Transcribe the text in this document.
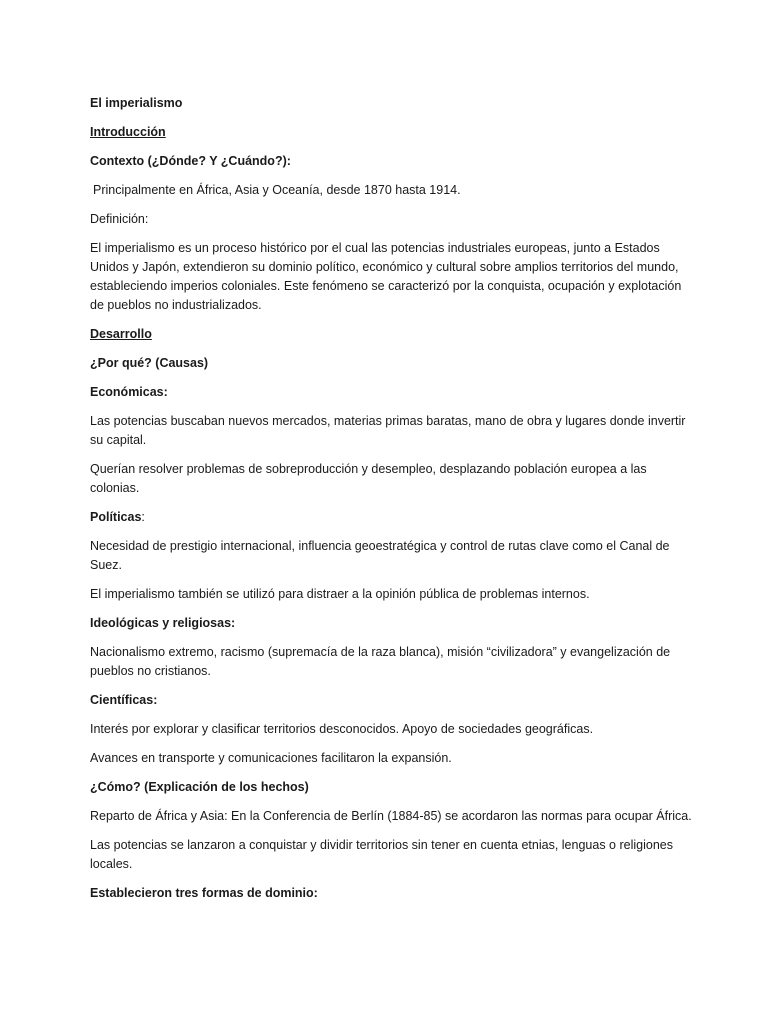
El imperialismo

Introducción

Contexto (¿Dónde? Y ¿Cuándo?):

Principalmente en África, Asia y Oceanía, desde 1870 hasta 1914.

Definición:

El imperialismo es un proceso histórico por el cual las potencias industriales europeas, junto a Estados Unidos y Japón, extendieron su dominio político, económico y cultural sobre amplios territorios del mundo, estableciendo imperios coloniales. Este fenómeno se caracterizó por la conquista, ocupación y explotación de pueblos no industrializados.

Desarrollo

¿Por qué? (Causas)

Económicas:

Las potencias buscaban nuevos mercados, materias primas baratas, mano de obra y lugares donde invertir su capital.

Querían resolver problemas de sobreproducción y desempleo, desplazando población europea a las colonias.

Políticas:

Necesidad de prestigio internacional, influencia geoestratégica y control de rutas clave como el Canal de Suez.

El imperialismo también se utilizó para distraer a la opinión pública de problemas internos.

Ideológicas y religiosas:

Nacionalismo extremo, racismo (supremacía de la raza blanca), misión “civilizadora” y evangelización de pueblos no cristianos.

Científicas:

Interés por explorar y clasificar territorios desconocidos. Apoyo de sociedades geográficas.

Avances en transporte y comunicaciones facilitaron la expansión.

¿Cómo? (Explicación de los hechos)

Reparto de África y Asia: En la Conferencia de Berlín (1884-85) se acordaron las normas para ocupar África.

Las potencias se lanzaron a conquistar y dividir territorios sin tener en cuenta etnias, lenguas o religiones locales.

Establecieron tres formas de dominio:
